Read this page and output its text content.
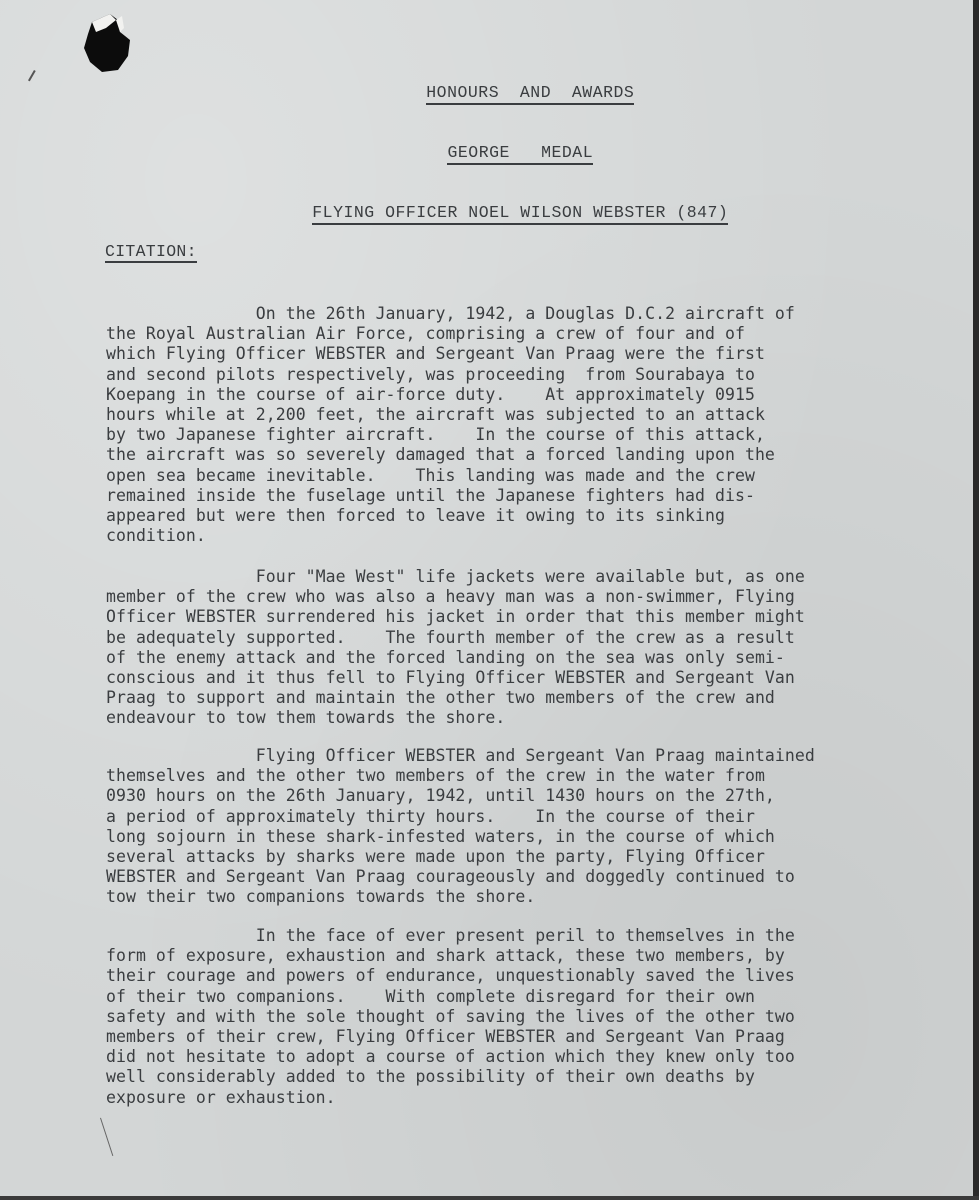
HONOURS  AND  AWARDS

GEORGE   MEDAL

FLYING OFFICER NOEL WILSON WEBSTER (847)

CITATION:
On the 26th January, 1942, a Douglas D.C.2 aircraft of
the Royal Australian Air Force, comprising a crew of four and of
which Flying Officer WEBSTER and Sergeant Van Praag were the first
and second pilots respectively, was proceeding  from Sourabaya to
Koepang in the course of air-force duty.    At approximately 0915
hours while at 2,200 feet, the aircraft was subjected to an attack
by two Japanese fighter aircraft.    In the course of this attack,
the aircraft was so severely damaged that a forced landing upon the
open sea became inevitable.    This landing was made and the crew
remained inside the fuselage until the Japanese fighters had dis-
appeared but were then forced to leave it owing to its sinking
condition.
Four "Mae West" life jackets were available but, as one
member of the crew who was also a heavy man was a non-swimmer, Flying
Officer WEBSTER surrendered his jacket in order that this member might
be adequately supported.    The fourth member of the crew as a result
of the enemy attack and the forced landing on the sea was only semi-
conscious and it thus fell to Flying Officer WEBSTER and Sergeant Van
Praag to support and maintain the other two members of the crew and
endeavour to tow them towards the shore.
Flying Officer WEBSTER and Sergeant Van Praag maintained
themselves and the other two members of the crew in the water from
0930 hours on the 26th January, 1942, until 1430 hours on the 27th,
a period of approximately thirty hours.    In the course of their
long sojourn in these shark-infested waters, in the course of which
several attacks by sharks were made upon the party, Flying Officer
WEBSTER and Sergeant Van Praag courageously and doggedly continued to
tow their two companions towards the shore.
In the face of ever present peril to themselves in the
form of exposure, exhaustion and shark attack, these two members, by
their courage and powers of endurance, unquestionably saved the lives
of their two companions.    With complete disregard for their own
safety and with the sole thought of saving the lives of the other two
members of their crew, Flying Officer WEBSTER and Sergeant Van Praag
did not hesitate to adopt a course of action which they knew only too
well considerably added to the possibility of their own deaths by
exposure or exhaustion.
